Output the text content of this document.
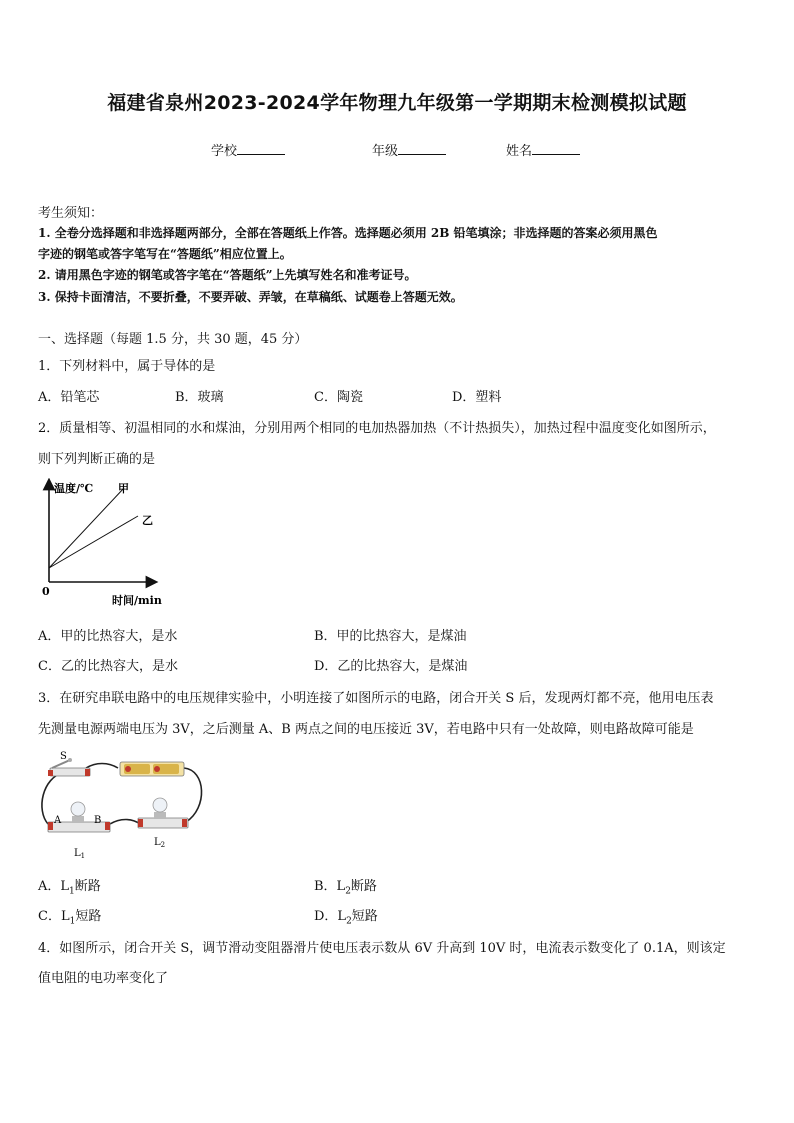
福建省泉州2023-2024学年物理九年级第一学期期末检测模拟试题
学校	年级	姓名
考生须知：
1. 全卷分选择题和非选择题两部分，全部在答题纸上作答。选择题必须用 2B 铅笔填涂；非选择题的答案必须用黑色
字迹的钢笔或答字笔写在“答题纸”相应位置上。
2. 请用黑色字迹的钢笔或答字笔在“答题纸”上先填写姓名和准考证号。
3. 保持卡面清洁，不要折叠，不要弄破、弄皱，在草稿纸、试题卷上答题无效。
一、选择题（每题 1.5 分，共 30 题，45 分）
1．下列材料中，属于导体的是
A．铅笔芯	B．玻璃	C．陶瓷	D．塑料
2．质量相等、初温相同的水和煤油，分别用两个相同的电加热器加热（不计热损失），加热过程中温度变化如图所示，
则下列判断正确的是
温度/℃ 甲
乙
0
时间/min
A．甲的比热容大，是水	B．甲的比热容大，是煤油
C．乙的比热容大，是水	D．乙的比热容大，是煤油
3．在研究串联电路中的电压规律实验中，小明连接了如图所示的电路，闭合开关 S 后，发现两灯都不亮，他用电压表
先测量电源两端电压为 3V，之后测量 A、B 两点之间的电压接近 3V，若电路中只有一处故障，则电路故障可能是
S
A	B
$L_1$
$L_2$
A．$L_1$断路	B．$L_2$断路
C．$L_1$短路	D．$L_2$短路
4．如图所示，闭合开关 S，调节滑动变阻器滑片使电压表示数从 6V 升高到 10V 时，电流表示数变化了 0.1A，则该定
值电阻的电功率变化了
